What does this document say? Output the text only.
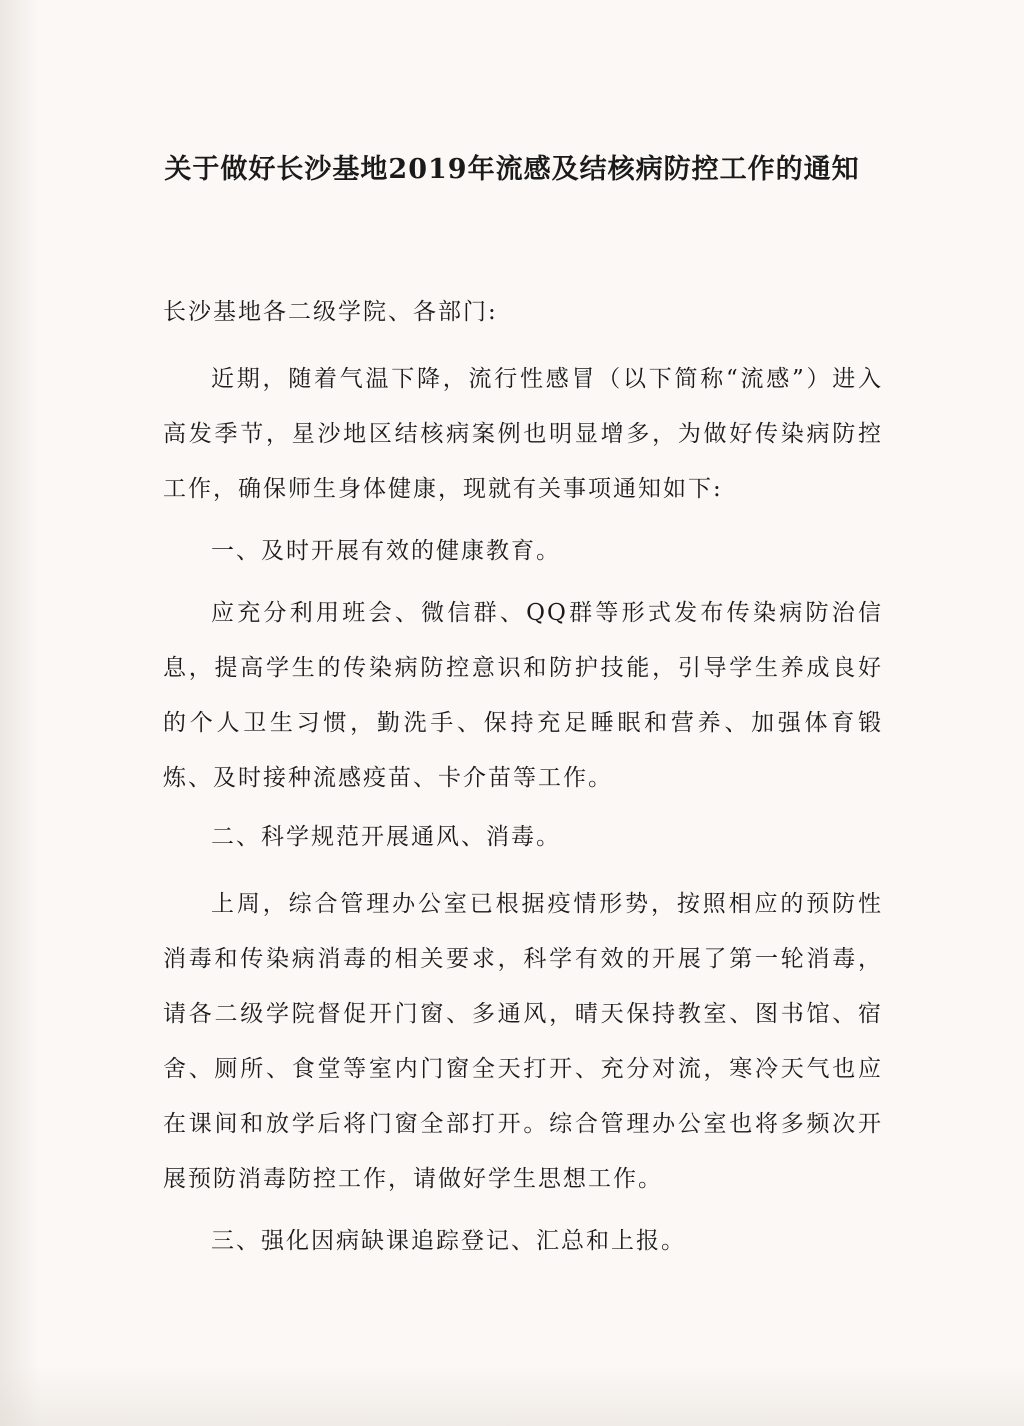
关于做好长沙基地2019年流感及结核病防控工作的通知
长沙基地各二级学院、各部门:

近期，随着气温下降，流行性感冒（以下简称“流感”）进入高发季节，星沙地区结核病案例也明显增多，为做好传染病防控工作，确保师生身体健康，现就有关事项通知如下:

一、及时开展有效的健康教育。

应充分利用班会、微信群、QQ群等形式发布传染病防治信息，提高学生的传染病防控意识和防护技能，引导学生养成良好的个人卫生习惯，勤洗手、保持充足睡眠和营养、加强体育锻炼、及时接种流感疫苗、卡介苗等工作。

二、科学规范开展通风、消毒。

上周，综合管理办公室已根据疫情形势，按照相应的预防性消毒和传染病消毒的相关要求，科学有效的开展了第一轮消毒，请各二级学院督促开门窗、多通风，晴天保持教室、图书馆、宿舍、厕所、食堂等室内门窗全天打开、充分对流，寒冷天气也应在课间和放学后将门窗全部打开。综合管理办公室也将多频次开展预防消毒防控工作，请做好学生思想工作。

三、强化因病缺课追踪登记、汇总和上报。
